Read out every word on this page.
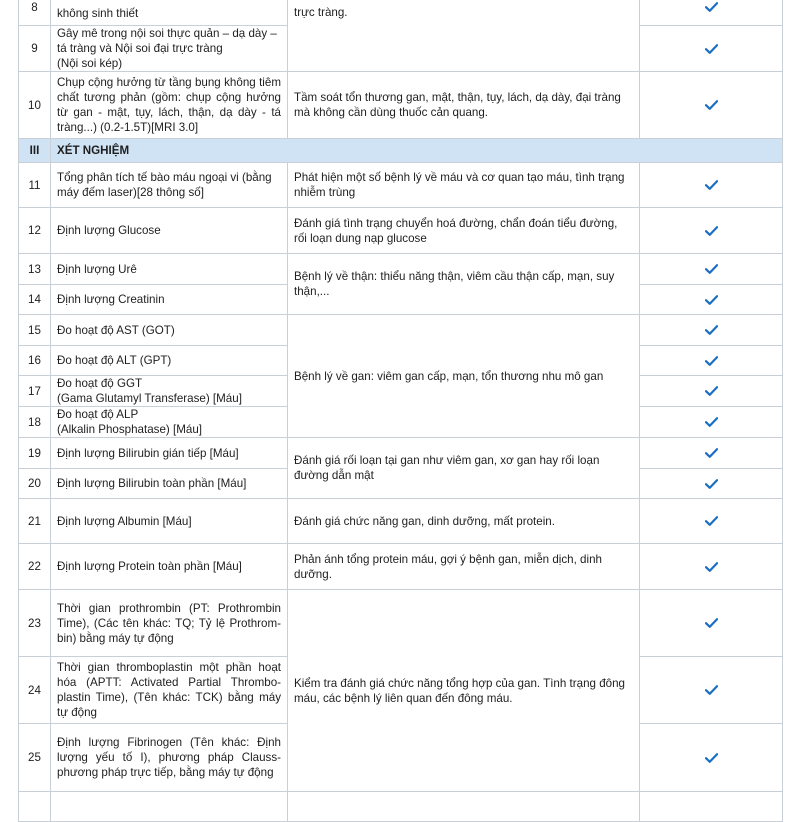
8	không sinh thiết	trực tràng.	
9	Gây mê trong nội soi thực quản – dạ dày –
tá tràng và Nội soi đại trực tràng
(Nội soi kép)	
10	Chụp cộng hưởng từ tầng bụng không tiêm chất tương phản (gồm: chụp cộng hưởng từ gan - mật, tụy, lách, thận, dạ dày - tá tràng...) (0.2-1.5T)[MRI 3.0]	Tầm soát tổn thương gan, mật, thận, tụy, lách, dạ dày, đại tràng mà không cần dùng thuốc cản quang.	
III	XÉT NGHIỆM		
11	Tổng phân tích tế bào máu ngoại vi (bằng máy đếm laser)[28 thông số]	Phát hiện một số bệnh lý về máu và cơ quan tạo máu, tình trạng nhiễm trùng	
12	Định lượng Glucose	Đánh giá tình trạng chuyển hoá đường, chẩn đoán tiểu đường, rối loạn dung nạp glucose	
13	Định lượng Urê	Bệnh lý về thận: thiểu năng thận, viêm cầu thận cấp, mạn, suy thận,...	
14	Định lượng Creatinin	
15	Đo hoạt độ AST (GOT)	Bệnh lý về gan: viêm gan cấp, mạn, tổn thương nhu mô gan	
16	Đo hoạt độ ALT (GPT)	
17	Đo hoạt độ GGT
(Gama Glutamyl Transferase) [Máu]	
18	Đo hoạt độ ALP
(Alkalin Phosphatase) [Máu]	
19	Định lượng Bilirubin gián tiếp [Máu]	Đánh giá rối loạn tại gan như viêm gan, xơ gan hay rối loạn đường dẫn mật	
20	Định lượng Bilirubin toàn phần [Máu]	
21	Định lượng Albumin [Máu]	Đánh giá chức năng gan, dinh dưỡng, mất protein.	
22	Định lượng Protein toàn phần [Máu]	Phản ánh tổng protein máu, gợi ý bệnh gan, miễn dịch, dinh dưỡng.	
23	Thời gian prothrombin (PT: Prothrombin Time), (Các tên khác: TQ; Tỷ lệ Prothrom-bin) bằng máy tự động	Kiểm tra đánh giá chức năng tổng hợp của gan. Tình trạng đông máu, các bệnh lý liên quan đến đông máu.	
24	Thời gian thromboplastin một phần hoạt hóa (APTT: Activated Partial Thrombo-plastin Time), (Tên khác: TCK) bằng máy tự động	
25	Định lượng Fibrinogen (Tên khác: Định lượng yếu tố I), phương pháp Clauss-phương pháp trực tiếp, bằng máy tự động	
